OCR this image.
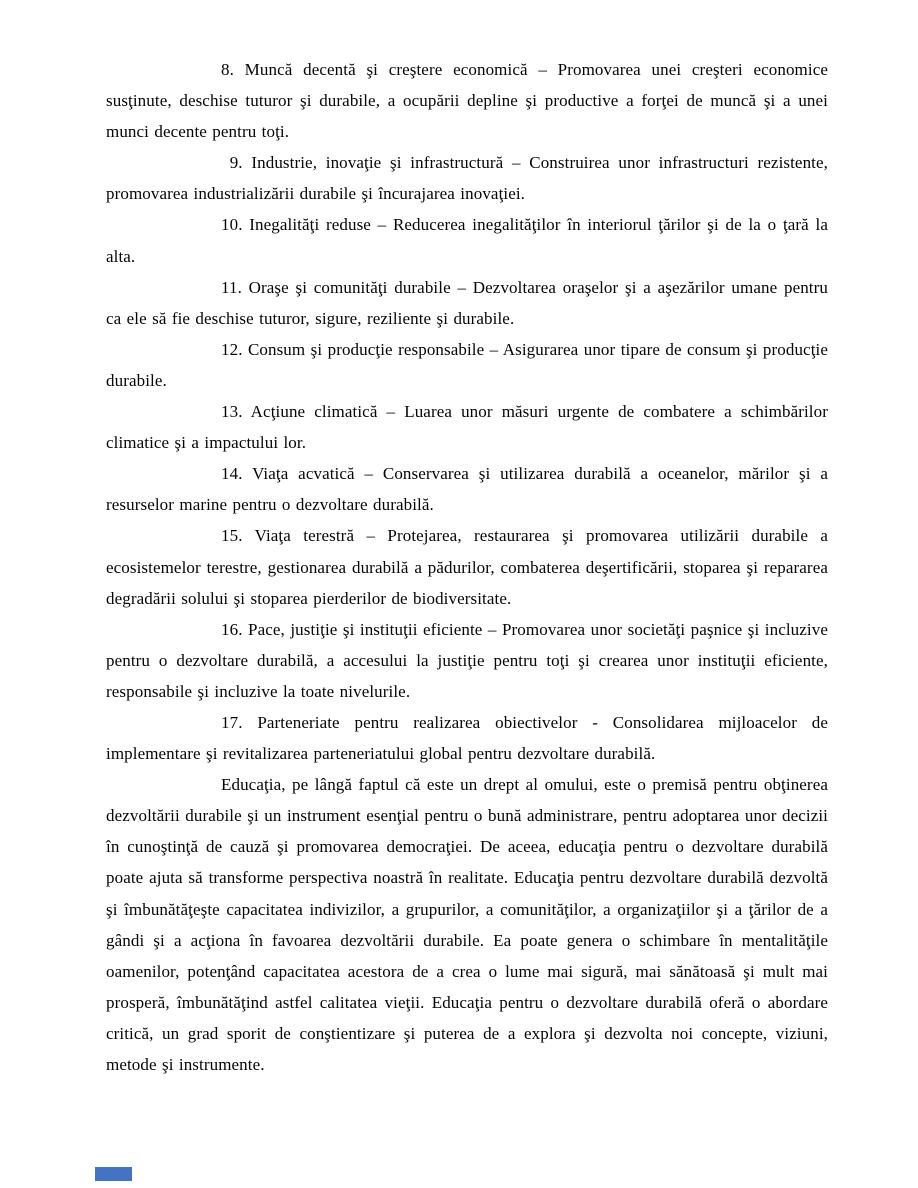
8. Muncă decentă şi creştere economică – Promovarea unei creşteri economice susţinute, deschise tuturor şi durabile, a ocupării depline şi productive a forţei de muncă şi a unei munci decente pentru toţi.

9. Industrie, inovaţie şi infrastructură – Construirea unor infrastructuri rezistente, promovarea industrializării durabile şi încurajarea inovaţiei.

10. Inegalităţi reduse – Reducerea inegalităţilor în interiorul ţărilor şi de la o ţară la alta.

11. Oraşe şi comunităţi durabile – Dezvoltarea oraşelor şi a aşezărilor umane pentru ca ele să fie deschise tuturor, sigure, reziliente şi durabile.

12. Consum şi producţie responsabile – Asigurarea unor tipare de consum şi producţie durabile.

13. Acţiune climatică – Luarea unor măsuri urgente de combatere a schimbărilor climatice şi a impactului lor.

14. Viaţa acvatică – Conservarea şi utilizarea durabilă a oceanelor, mărilor şi a resurselor marine pentru o dezvoltare durabilă.

15. Viaţa terestră – Protejarea, restaurarea şi promovarea utilizării durabile a ecosistemelor terestre, gestionarea durabilă a pădurilor, combaterea deşertificării, stoparea şi repararea degradării solului şi stoparea pierderilor de biodiversitate.

16. Pace, justiţie şi instituţii eficiente – Promovarea unor societăţi paşnice şi incluzive pentru o dezvoltare durabilă, a accesului la justiţie pentru toţi şi crearea unor instituţii eficiente, responsabile şi incluzive la toate nivelurile.

17. Parteneriate pentru realizarea obiectivelor - Consolidarea mijloacelor de implementare şi revitalizarea parteneriatului global pentru dezvoltare durabilă.

Educaţia, pe lângă faptul că este un drept al omului, este o premisă pentru obţinerea dezvoltării durabile şi un instrument esenţial pentru o bună administrare, pentru adoptarea unor decizii în cunoştinţă de cauză şi promovarea democraţiei. De aceea, educaţia pentru o dezvoltare durabilă poate ajuta să transforme perspectiva noastră în realitate. Educaţia pentru dezvoltare durabilă dezvoltă şi îmbunătăţeşte capacitatea indivizilor, a grupurilor, a comunităţilor, a organizaţiilor şi a ţărilor de a gândi şi a acţiona în favoarea dezvoltării durabile. Ea poate genera o schimbare în mentalităţile oamenilor, potenţând capacitatea acestora de a crea o lume mai sigură, mai sănătoasă şi mult mai prosperă, îmbunătăţind astfel calitatea vieţii. Educaţia pentru o dezvoltare durabilă oferă o abordare critică, un grad sporit de conştientizare şi puterea de a explora şi dezvolta noi concepte, viziuni, metode şi instrumente.
